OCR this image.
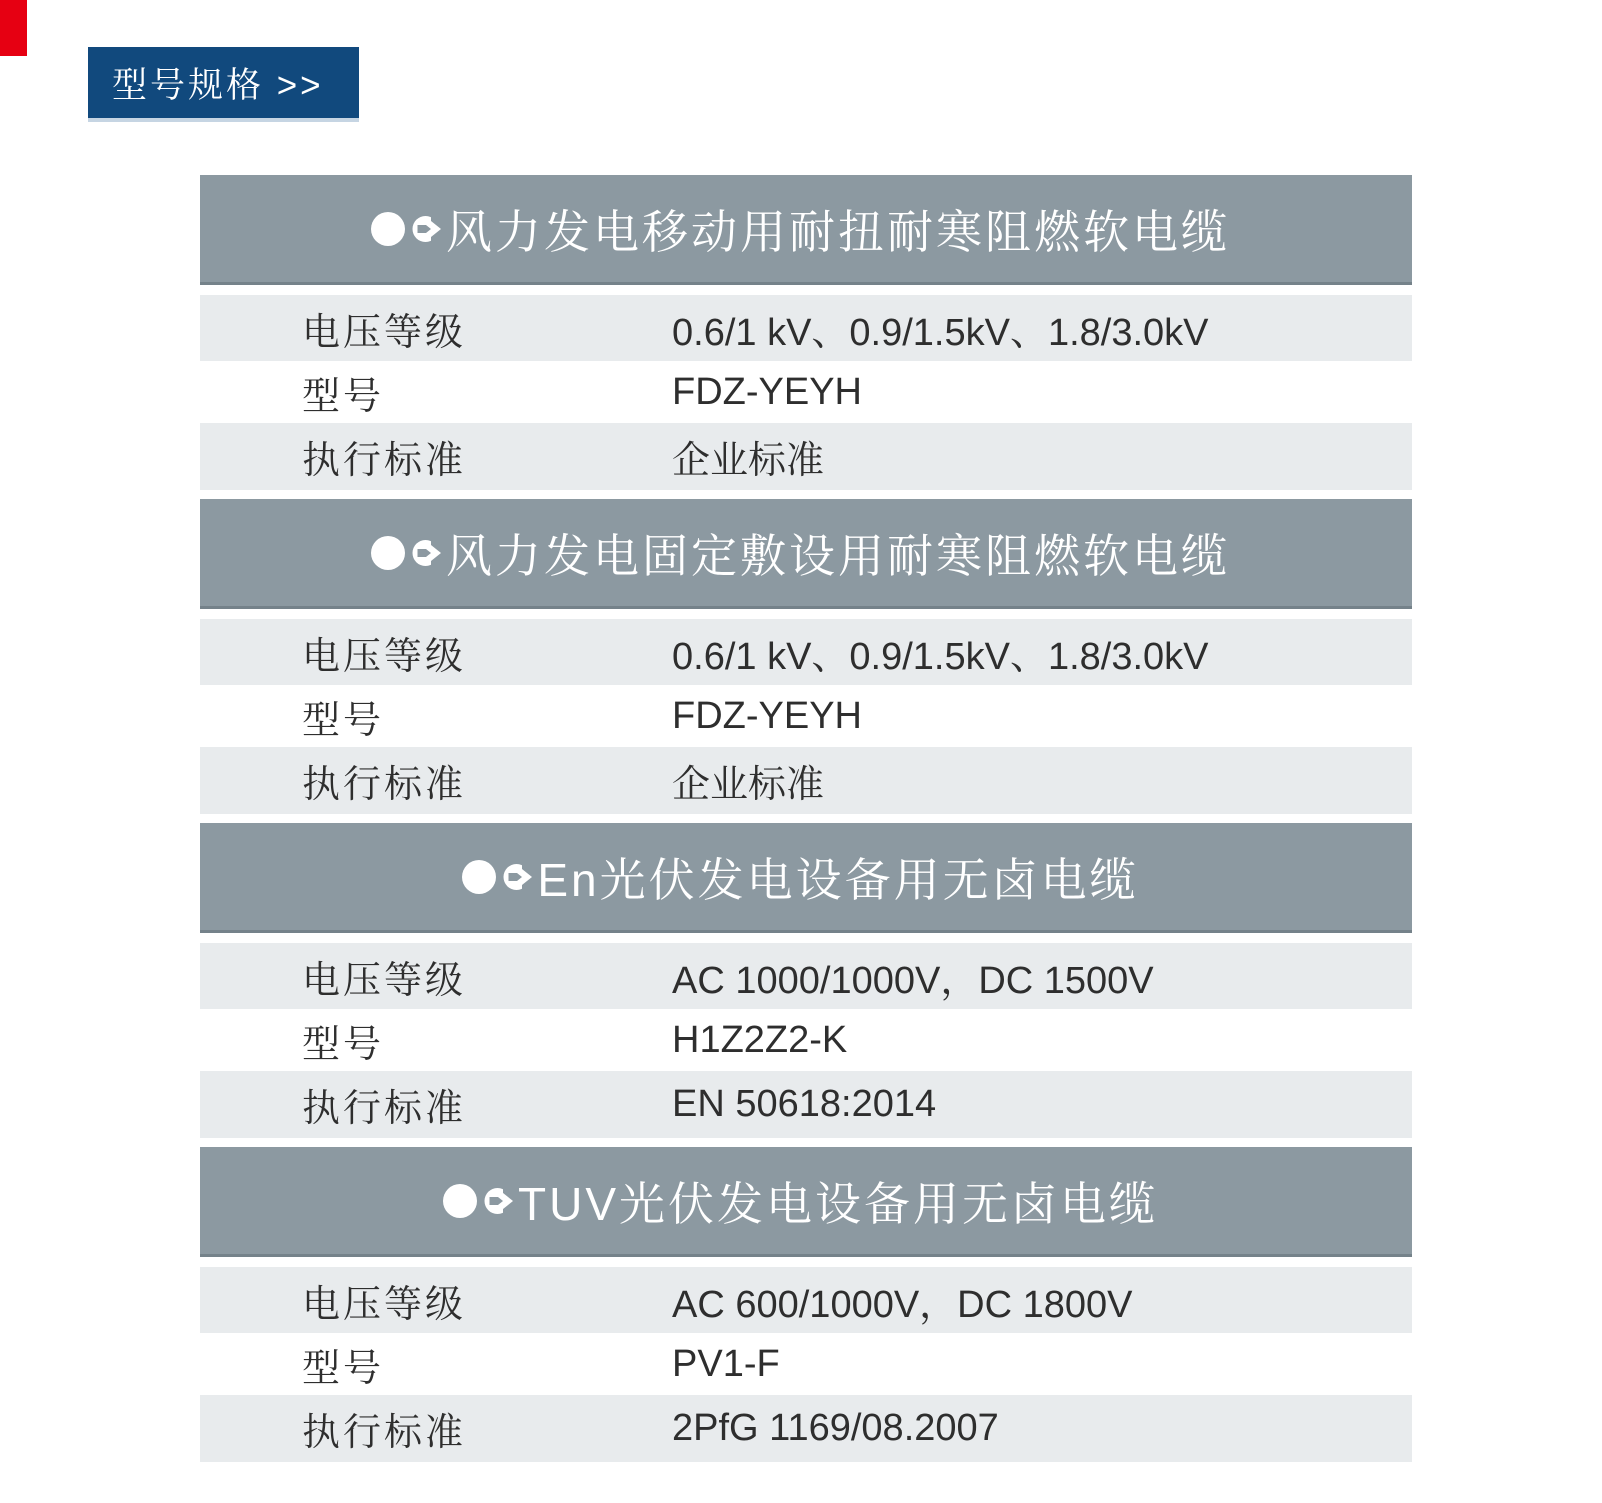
型号规格 >>
风力发电移动用耐扭耐寒阻燃软电缆
电压等级	0.6/1 kV、0.9/1.5kV、1.8/3.0kV
型号	FDZ-YEYH
执行标准	企业标准
风力发电固定敷设用耐寒阻燃软电缆
电压等级	0.6/1 kV、0.9/1.5kV、1.8/3.0kV
型号	FDZ-YEYH
执行标准	企业标准
En光伏发电设备用无卤电缆
电压等级	AC 1000/1000V，DC 1500V
型号	H1Z2Z2-K
执行标准	EN 50618:2014
TUV光伏发电设备用无卤电缆
电压等级	AC 600/1000V，DC 1800V
型号	PV1-F
执行标准	2PfG 1169/08.2007
